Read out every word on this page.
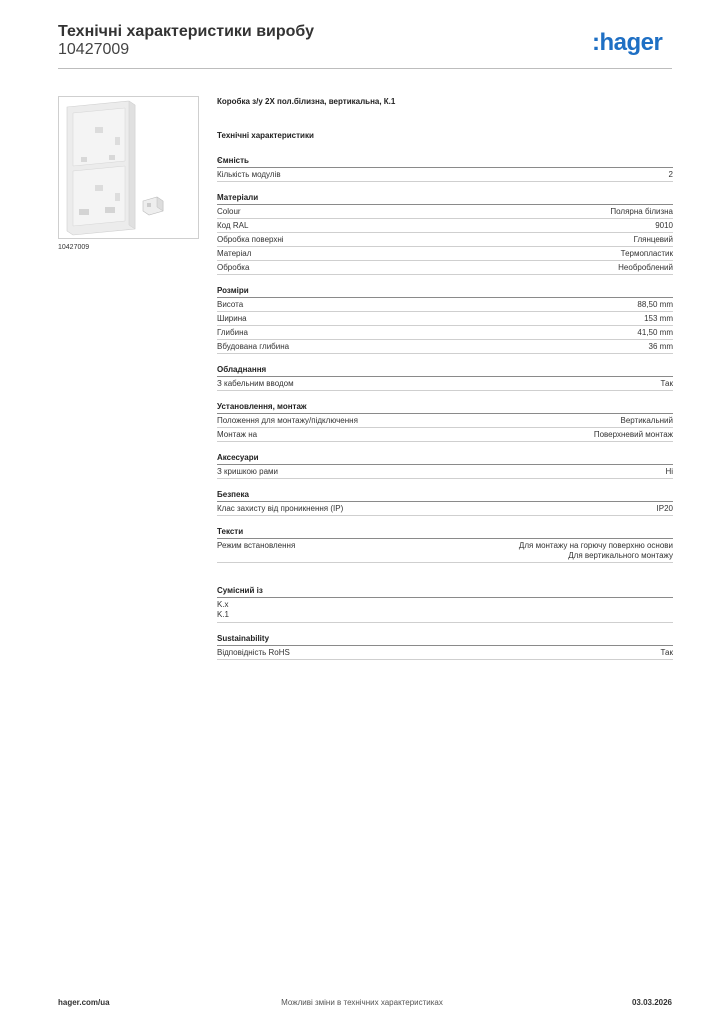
Технічні характеристики виробу
10427009	:hager
10427009
Коробка з/у 2Х пол.білизна, вертикальна, К.1
Технічні характеристики
Ємність
Кількість модулів	2
Матеріали
Colour	Полярна білизна
Код RAL	9010
Обробка поверхні	Глянцевий
Матеріал	Термопластик
Обробка	Необроблений
Розміри
Висота	88,50 mm
Ширина	153 mm
Глибина	41,50 mm
Вбудована глибина	36 mm
Обладнання
З кабельним вводом	Так
Установлення, монтаж
Положення для монтажу/підключення	Вертикальний
Монтаж на	Поверхневий монтаж
Аксесуари
З кришкою рами	Ні
Безпека
Клас захисту від проникнення (IP)	IP20
Тексти
Режим встановлення	Для монтажу на горючу поверхню основи
Для вертикального монтажу
Сумісний із
K.x
K.1
Sustainability
Відповідність RoHS	Так
Можливі зміни в технічних характеристиках
hager.com/ua	03.03.2026
